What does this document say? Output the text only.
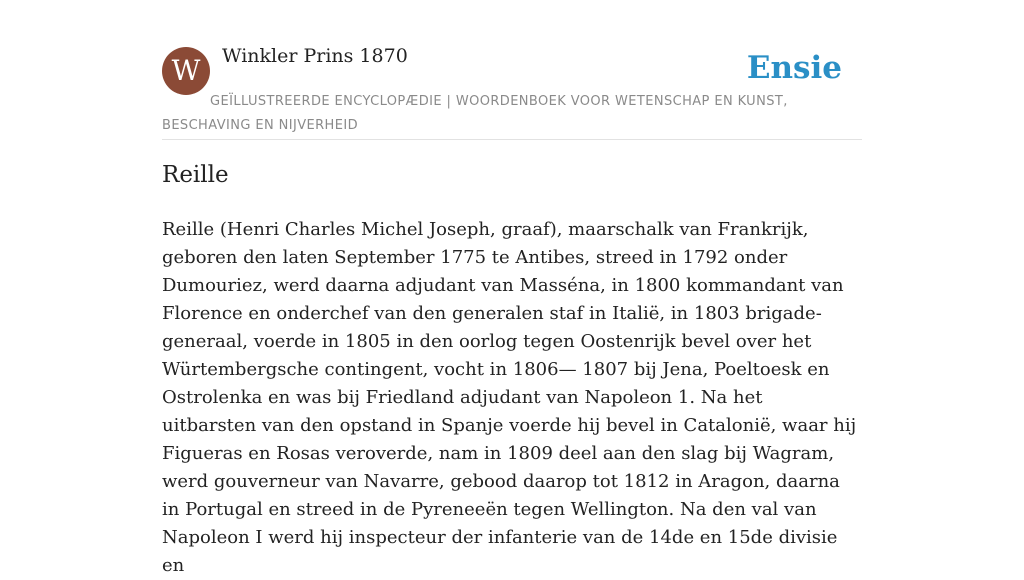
W	Winkler Prins 1870	Ensie
GEÏLLUSTREERDE ENCYCLOPÆDIE | WOORDENBOEK VOOR WETENSCHAP EN KUNST, BESCHAVING EN NIJVERHEID
Reille

Reille (Henri Charles Michel Joseph, graaf), maarschalk van Frankrijk, geboren den laten September 1775 te Antibes, streed in 1792 onder Dumouriez, werd daarna adjudant van Masséna, in 1800 kommandant van Florence en onderchef van den generalen staf in Italië, in 1803 brigade-generaal, voerde in 1805 in den oorlog tegen Oostenrijk bevel over het Würtembergsche contingent, vocht in 1806— 1807 bij Jena, Poeltoesk en Ostrolenka en was bij Friedland adjudant van Napoleon 1. Na het uitbarsten van den opstand in Spanje voerde hij bevel in Catalonië, waar hij Figueras en Rosas veroverde, nam in 1809 deel aan den slag bij Wagram, werd gouverneur van Navarre, gebood daarop tot 1812 in Aragon, daarna in Portugal en streed in de Pyreneeën tegen Wellington. Na den val van Napoleon I werd hij inspecteur der infanterie van de 14de en 15de divisie en
